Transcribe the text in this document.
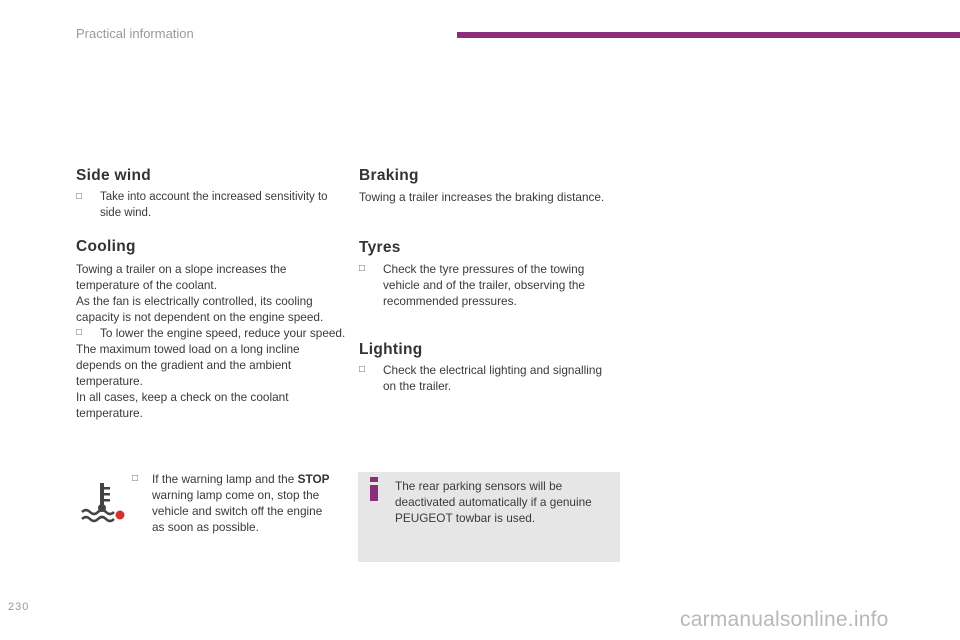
Practical information
Side wind
□	Take into account the increased sensitivity to side wind.
Cooling
Towing a trailer on a slope increases the temperature of the coolant.
As the fan is electrically controlled, its cooling capacity is not dependent on the engine speed.
□	To lower the engine speed, reduce your speed.
The maximum towed load on a long incline depends on the gradient and the ambient temperature.
In all cases, keep a check on the coolant temperature.
□	If the warning lamp and the STOP warning lamp come on, stop the vehicle and switch off the engine as soon as possible.
Braking
Towing a trailer increases the braking distance.
Tyres
□	Check the tyre pressures of the towing vehicle and of the trailer, observing the recommended pressures.
Lighting
□	Check the electrical lighting and signalling on the trailer.
The rear parking sensors will be deactivated automatically if a genuine PEUGEOT towbar is used.
230
carmanualsonline.info
